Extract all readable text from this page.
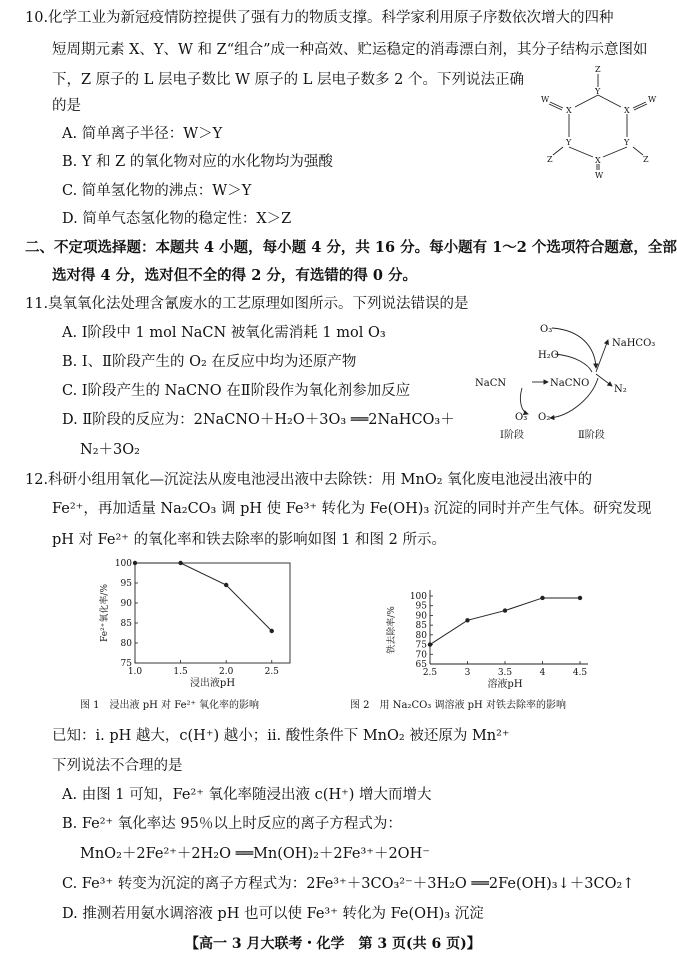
10.化学工业为新冠疫情防控提供了强有力的物质支撑。科学家利用原子序数依次增大的四种
短周期元素 X、Y、W 和 Z“组合”成一种高效、贮运稳定的消毒漂白剂，其分子结构示意图如
下，Z 原子的 L 层电子数比 W 原子的 L 层电子数多 2 个。下列说法正确
的是
A. 简单离子半径：W＞Y
B. Y 和 Z 的氧化物对应的水化物均为强酸
C. 简单氢化物的沸点：W＞Y
D. 简单气态氢化物的稳定性：X＞Z
Z
Y
X	X
W	W
Y	Y
Z	Z
X
W
二、不定项选择题：本题共 4 小题，每小题 4 分，共 16 分。每小题有 1～2 个选项符合题意，全部
选对得 4 分，选对但不全的得 2 分，有选错的得 0 分。
11.臭氧氧化法处理含氰废水的工艺原理如图所示。下列说法错误的是
A. Ⅰ阶段中 1 mol NaCN 被氧化需消耗 1 mol O₃
B. Ⅰ、Ⅱ阶段产生的 O₂ 在反应中均为还原产物
C. Ⅰ阶段产生的 NaCNO 在Ⅱ阶段作为氧化剂参加反应
D. Ⅱ阶段的反应为：2NaCNO＋H₂O＋3O₃ ══2NaHCO₃＋
N₂＋3O₂
O₃
H₂O
NaHCO₃
NaCN	NaCNO
N₂
O₃ O₂
Ⅰ阶段	Ⅱ阶段
12.科研小组用氧化—沉淀法从废电池浸出液中去除铁：用 MnO₂ 氧化废电池浸出液中的
Fe²⁺，再加适量 Na₂CO₃ 调 pH 使 Fe³⁺ 转化为 Fe(OH)₃ 沉淀的同时并产生气体。研究发现
pH 对 Fe²⁺ 的氧化率和铁去除率的影响如图 1 和图 2 所示。
1.0	1.5	2.0	2.5
75
80
85
90
95
100
浸出液pH
Fe²⁺氧化率/%
2.5	3	3.5	4	4.5
65
70
75
80
85
90
95
100
溶液pH
铁去除率/%
图 1　浸出液 pH 对 Fe²⁺ 氧化率的影响	图 2　用 Na₂CO₃ 调溶液 pH 对铁去除率的影响
已知：ⅰ. pH 越大，c(H⁺) 越小；ⅱ. 酸性条件下 MnO₂ 被还原为 Mn²⁺
下列说法不合理的是
A. 由图 1 可知，Fe²⁺ 氧化率随浸出液 c(H⁺) 增大而增大
B. Fe²⁺ 氧化率达 95％以上时反应的离子方程式为：
MnO₂＋2Fe²⁺＋2H₂O ══Mn(OH)₂＋2Fe³⁺＋2OH⁻
C. Fe³⁺ 转变为沉淀的离子方程式为：2Fe³⁺＋3CO₃²⁻＋3H₂O ══2Fe(OH)₃↓＋3CO₂↑
D. 推测若用氨水调溶液 pH 也可以使 Fe³⁺ 转化为 Fe(OH)₃ 沉淀
【高一 3 月大联考・化学　第 3 页(共 6 页)】
